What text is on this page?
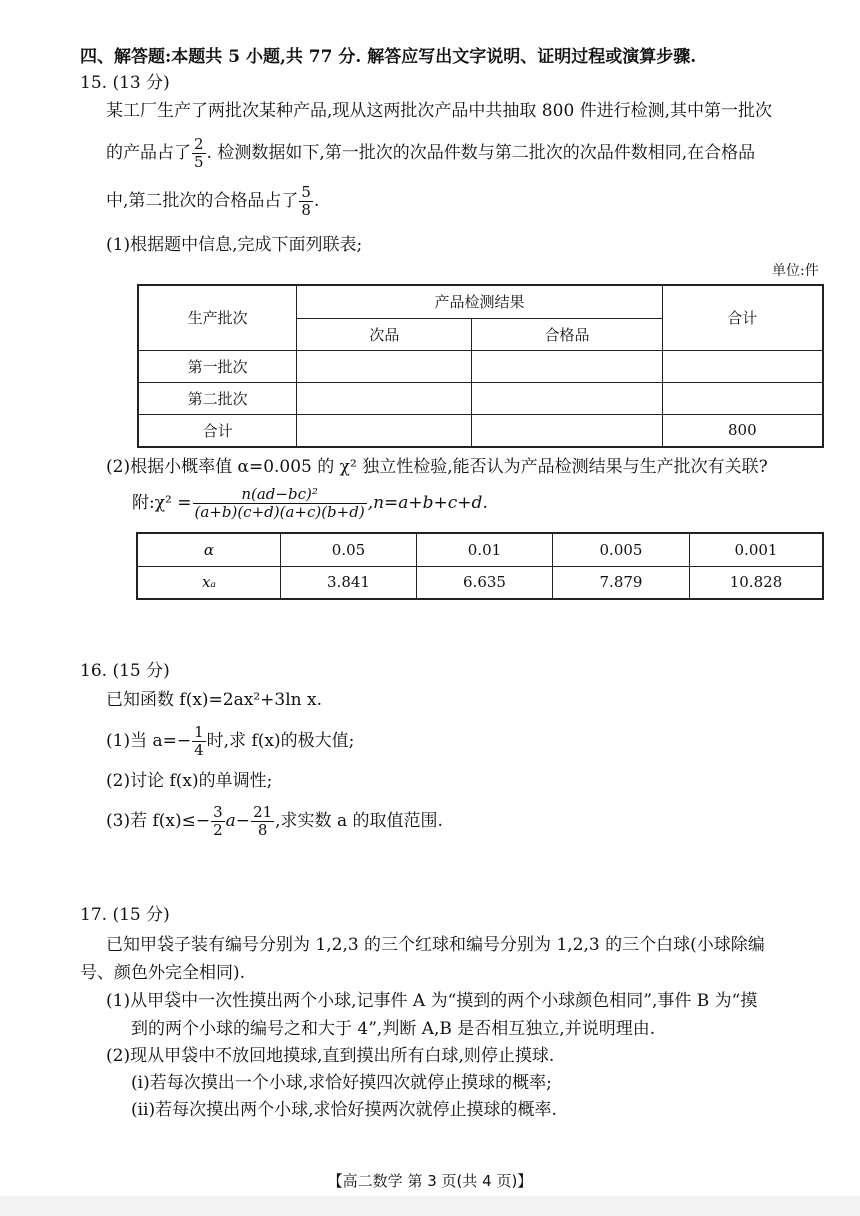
四、解答题:本题共 5 小题,共 77 分. 解答应写出文字说明、证明过程或演算步骤.
15. (13 分)
某工厂生产了两批次某种产品,现从这两批次产品中共抽取 800 件进行检测,其中第一批次
的产品占了 $\frac{2}{5}$ . 检测数据如下,第一批次的次品件数与第二批次的次品件数相同,在合格品
中,第二批次的合格品占了 $\frac{5}{8}$ .
(1)根据题中信息,完成下面列联表;
单位:件
生产批次	产品检测结果		合计
	次品	合格品	
第一批次			
第二批次			
合计			800
(2)根据小概率值 α=0.005 的 χ² 独立性检验,能否认为产品检测结果与生产批次有关联?
附:χ² = $\frac{\text{n(ad−bc)²}}{(a+b)(c+d)(a+c)(b+d)} ,n=a+b+c+d$.
α	0.05	0.01	0.005	0.001
xₐ	3.841	6.635	7.879	10.828
16. (15 分)
已知函数 f(x)=2ax²+3ln x.
(1)当 $a=- \frac{1}{4}$ 时,求 f(x)的极大值;
(2)讨论 f(x)的单调性;
(3)若 $f(x)\le- \frac{3}{2} a- \frac{21}{8}$ ,求实数 a 的取值范围.
17. (15 分)
已知甲袋子装有编号分别为 1,2,3 的三个红球和编号分别为 1,2,3 的三个白球(小球除编
号、颜色外完全相同).
(1)从甲袋中一次性摸出两个小球,记事件 A 为“摸到的两个小球颜色相同”,事件 B 为“摸
到的两个小球的编号之和大于 4”,判断 A,B 是否相互独立,并说明理由.
(2)现从甲袋中不放回地摸球,直到摸出所有白球,则停止摸球.
(ⅰ)若每次摸出一个小球,求恰好摸四次就停止摸球的概率;
(ⅱ)若每次摸出两个小球,求恰好摸两次就停止摸球的概率.
【高二数学 第 3 页(共 4 页)】
